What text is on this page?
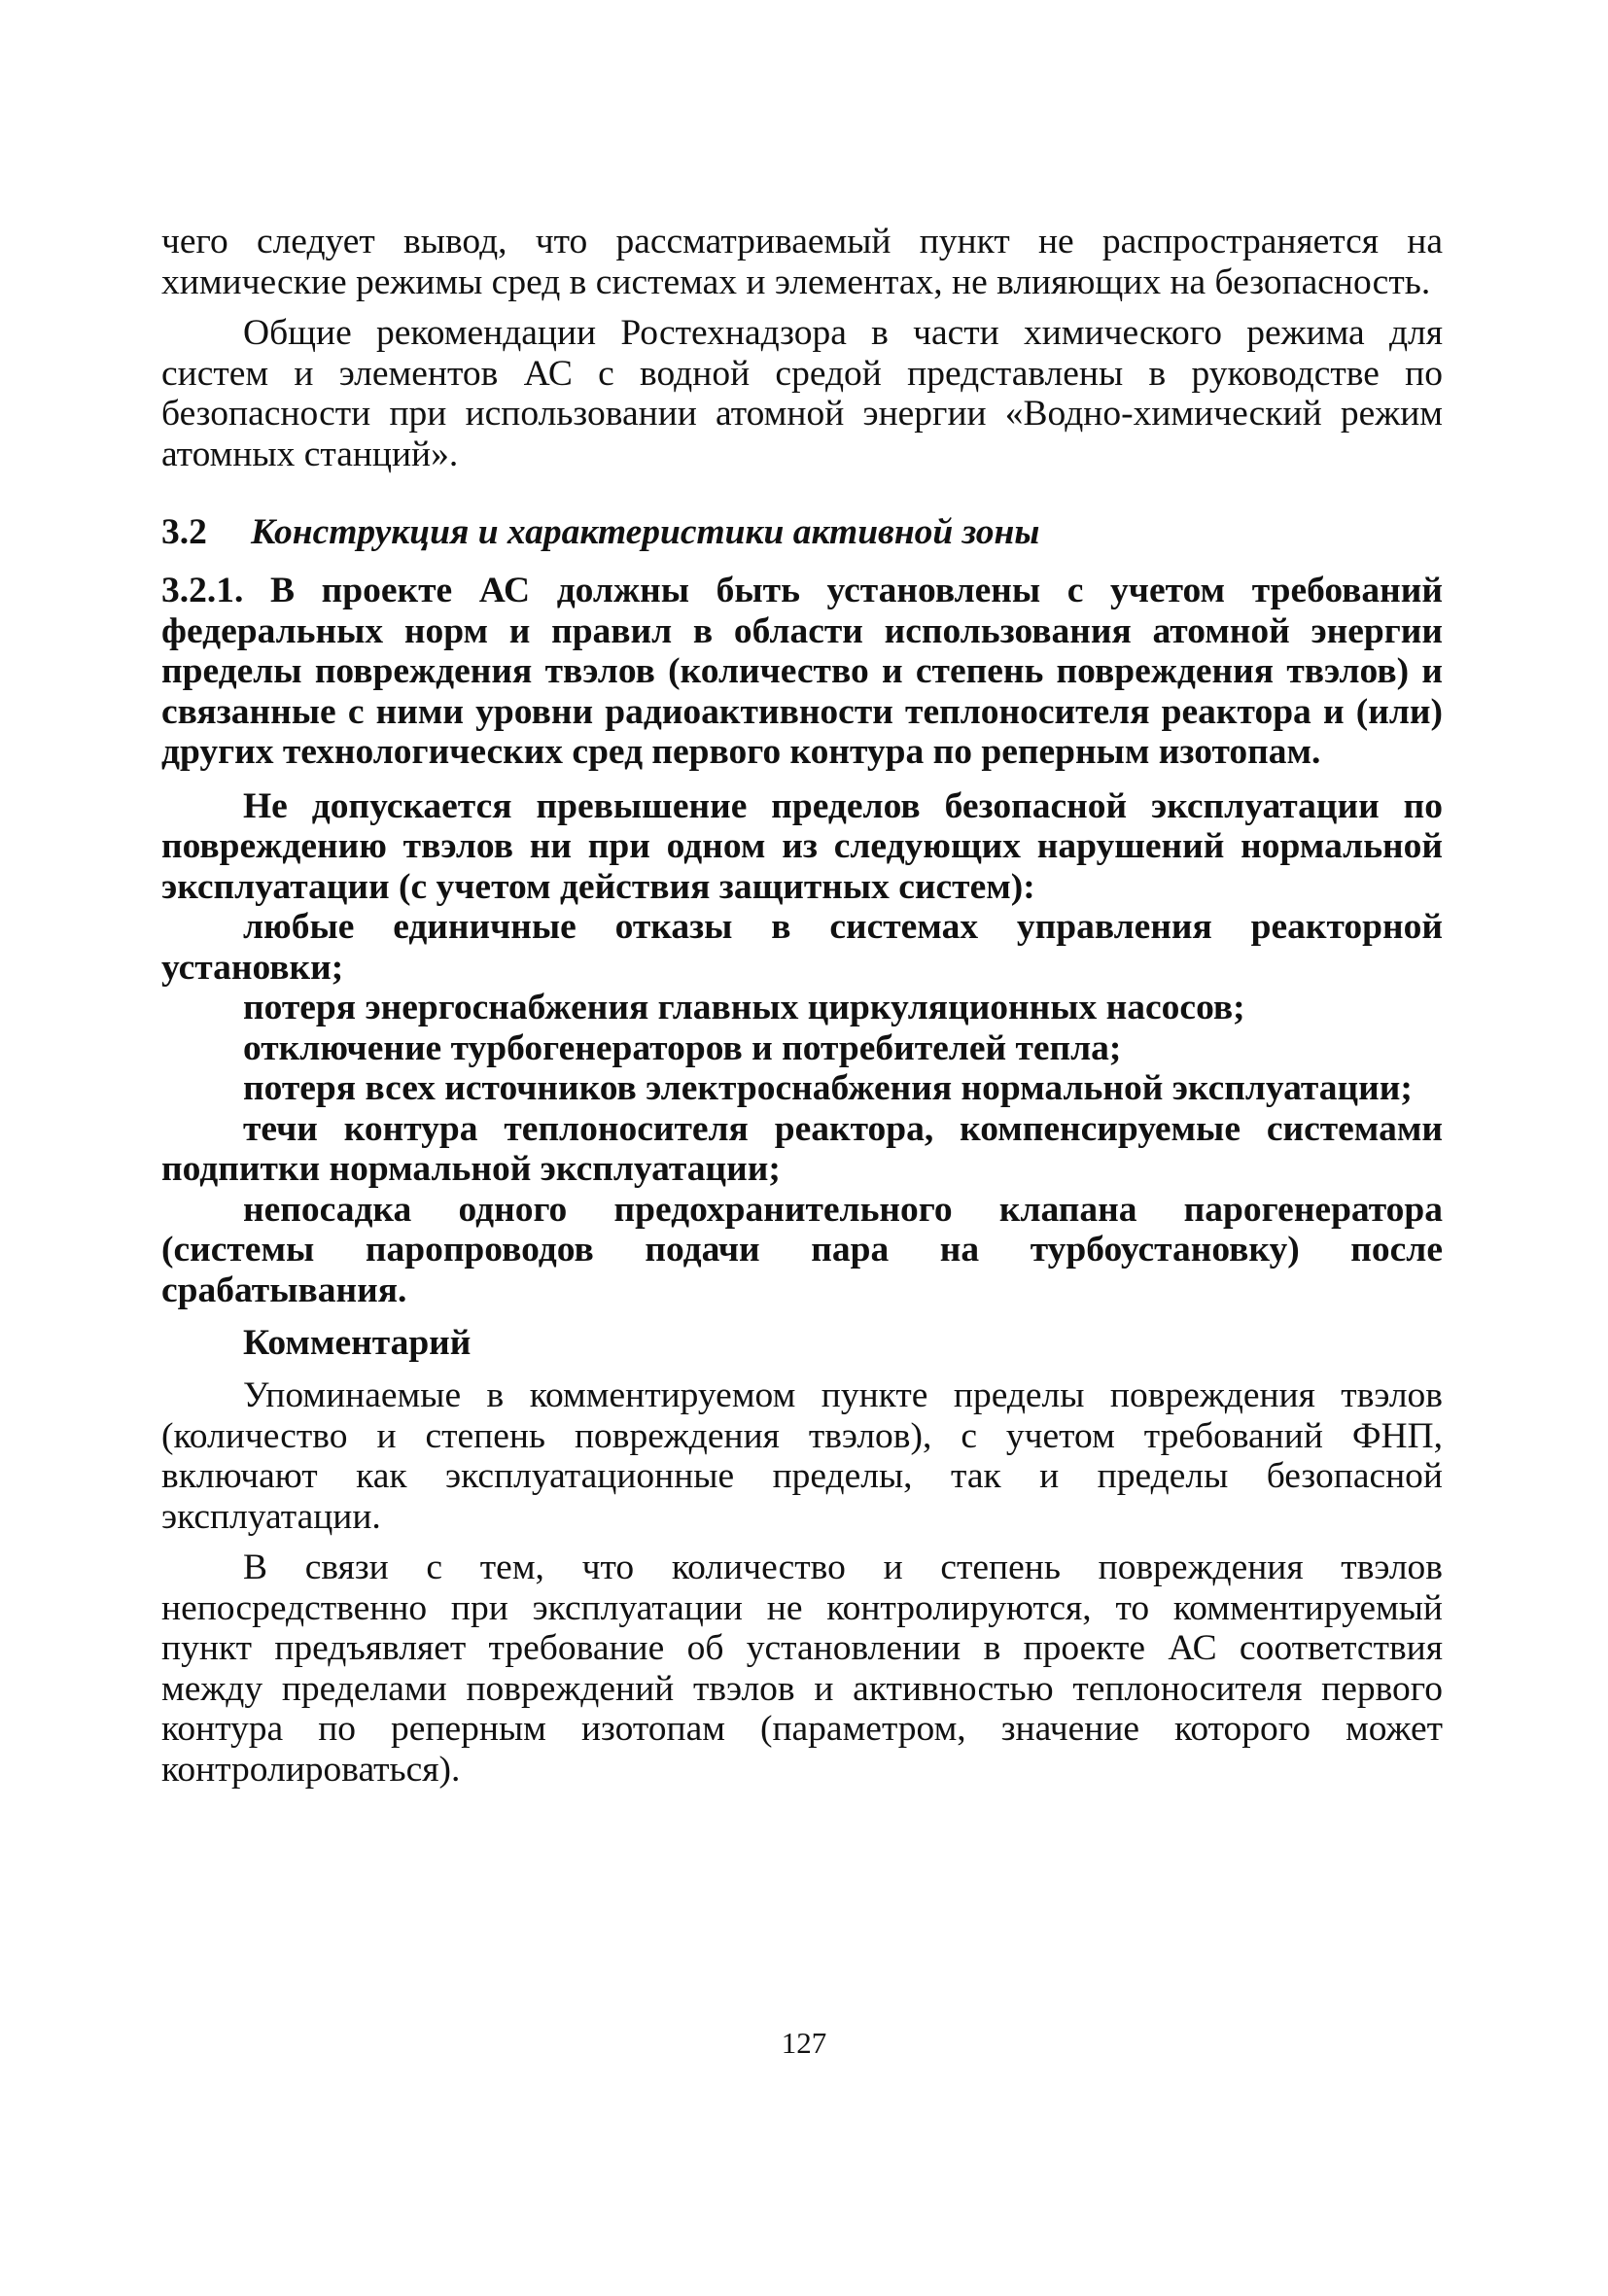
чего следует вывод, что рассматриваемый пункт не распространяется на химические режимы сред в системах и элементах, не влияющих на безопасность.

Общие рекомендации Ростехнадзора в части химического режима для систем и элементов АС с водной средой представлены в руководстве по безопасности при использовании атомной энергии «Водно-химический режим атомных станций».

3.2	Конструкция и характеристики активной зоны

3.2.1. В проекте АС должны быть установлены с учетом требований федеральных норм и правил в области использования атомной энергии пределы повреждения твэлов (количество и степень повреждения твэлов) и связанные с ними уровни радиоактивности теплоносителя реактора и (или) других технологических сред первого контура по реперным изотопам.

Не допускается превышение пределов безопасной эксплуатации по повреждению твэлов ни при одном из следующих нарушений нормальной эксплуатации (с учетом действия защитных систем):

любые единичные отказы в системах управления реакторной установки;

потеря энергоснабжения главных циркуляционных насосов;

отключение турбогенераторов и потребителей тепла;

потеря всех источников электроснабжения нормальной эксплуатации;

течи контура теплоносителя реактора, компенсируемые системами подпитки нормальной эксплуатации;

непосадка одного предохранительного клапана парогенератора (системы паропроводов подачи пара на турбоустановку) после срабатывания.

Комментарий

Упоминаемые в комментируемом пункте пределы повреждения твэлов (количество и степень повреждения твэлов), с учетом требований ФНП, включают как эксплуатационные пределы, так и пределы безопасной эксплуатации.

В связи с тем, что количество и степень повреждения твэлов непосредственно при эксплуатации не контролируются, то комментируемый пункт предъявляет требование об установлении в проекте АС соответствия между пределами повреждений твэлов и активностью теплоносителя первого контура по реперным изотопам (параметром, значение которого может контролироваться).

127
